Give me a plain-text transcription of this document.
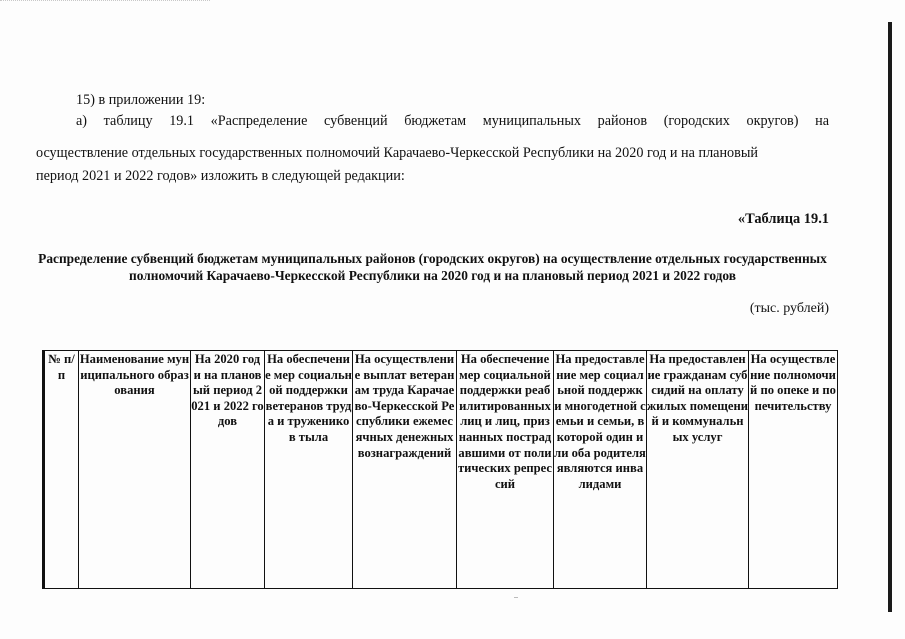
15) в приложении 19:
а) таблицу 19.1 «Распределение субвенций бюджетам муниципальных районов (городских округов) на
осуществление отдельных государственных полномочий Карачаево-Черкесской Республики на 2020 год и на плановый
период 2021 и 2022 годов» изложить в следующей редакции:
«Таблица 19.1
Распределение субвенций бюджетам муниципальных районов (городских округов) на осуществление отдельных государственных полномочий Карачаево-Черкесской Республики на 2020 год и на плановый период 2021 и 2022 годов
(тыс. рублей)
№ п/п	Наименование муниципального образования	На 2020 год и на плановый период 2021 и 2022 годов	На обеспечение мер социальной поддержки ветеранов труда и тружеников тыла	На осуществление выплат ветеранам труда Карачаево-Черкесской Республики ежемесячных денежных вознаграждений	На обеспечение мер социальной поддержки реабилитированных лиц и лиц, признанных пострадавшими от политических репрессий	На предоставление мер социальной поддержки многодетной семьи и семьи, в которой один или оба родителя являются инвалидами	На предоставление гражданам субсидий на оплату жилых помещений и коммунальных услуг	На осуществление полномочий по опеке и попечительству
